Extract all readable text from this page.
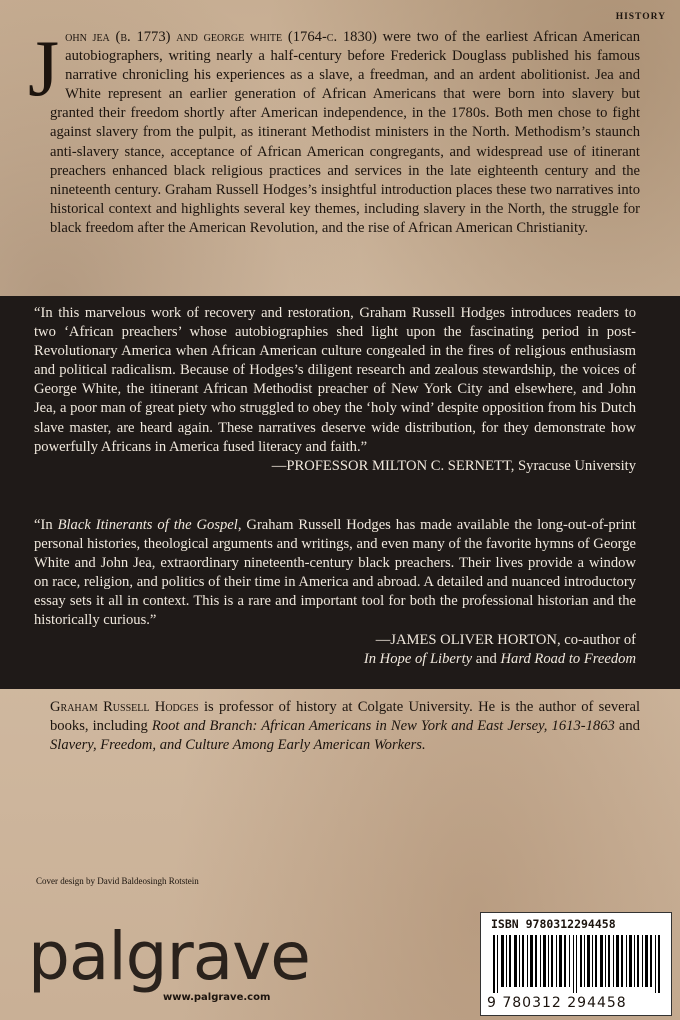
HISTORY
John jea (b. 1773) and george white (1764-c. 1830) were two of the earliest African American autobiographers, writing nearly a half-century before Frederick Douglass published his famous narrative chronicling his experiences as a slave, a freedman, and an ardent abolitionist. Jea and White represent an earlier generation of African Americans that were born into slavery but granted their freedom shortly after American independence, in the 1780s. Both men chose to fight against slavery from the pulpit, as itinerant Methodist ministers in the North. Methodism’s staunch anti-slavery stance, acceptance of African American congregants, and widespread use of itinerant preachers enhanced black religious practices and services in the late eighteenth century and the nineteenth century. Graham Russell Hodges’s insightful introduction places these two narratives into historical context and highlights several key themes, including slavery in the North, the struggle for black freedom after the American Revolution, and the rise of African American Christianity.
“In this marvelous work of recovery and restoration, Graham Russell Hodges introduces readers to two ‘African preachers’ whose autobiographies shed light upon the fascinating period in post-Revolutionary America when African American culture congealed in the fires of religious enthusiasm and political radicalism. Because of Hodges’s diligent research and zealous stewardship, the voices of George White, the itinerant African Methodist preacher of New York City and elsewhere, and John Jea, a poor man of great piety who struggled to obey the ‘holy wind’ despite opposition from his Dutch slave master, are heard again. These narratives deserve wide distribution, for they demonstrate how powerfully Africans in America fused literacy and faith.”
—PROFESSOR MILTON C. SERNETT, Syracuse University
“In Black Itinerants of the Gospel, Graham Russell Hodges has made available the long-out-of-print personal histories, theological arguments and writings, and even many of the favorite hymns of George White and John Jea, extraordinary nineteenth-century black preachers. Their lives provide a window on race, religion, and politics of their time in America and abroad. A detailed and nuanced introductory essay sets it all in context. This is a rare and important tool for both the professional historian and the historically curious.”
—JAMES OLIVER HORTON, co-author of
In Hope of Liberty and Hard Road to Freedom
Graham Russell Hodges is professor of history at Colgate University. He is the author of several books, including Root and Branch: African Americans in New York and East Jersey, 1613-1863 and Slavery, Freedom, and Culture Among Early American Workers.
Cover design by David Baldeosingh Rotstein
palgrave
www.palgrave.com
ISBN 9780312294458
9 780312 294458
